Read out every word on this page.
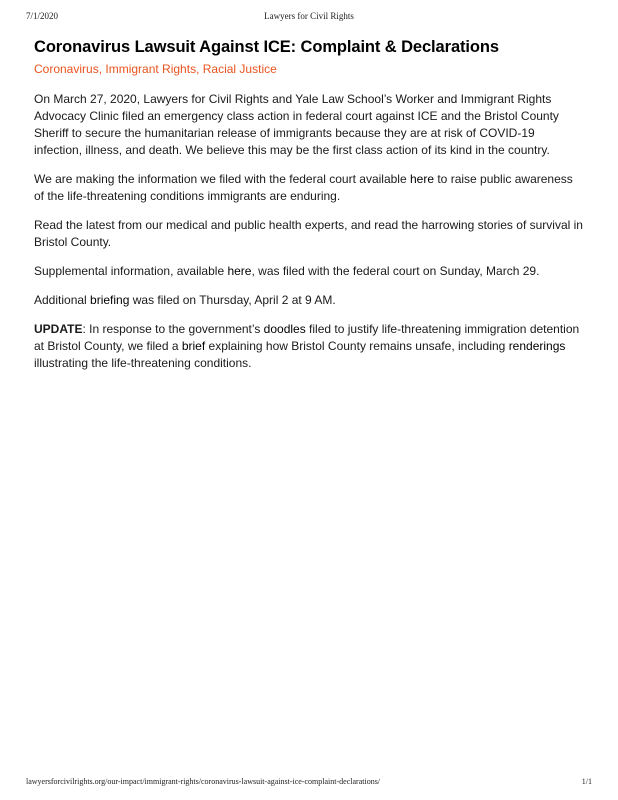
7/1/2020	Lawyers for Civil Rights
Coronavirus Lawsuit Against ICE: Complaint & Declarations
Coronavirus, Immigrant Rights, Racial Justice

On March 27, 2020, Lawyers for Civil Rights and Yale Law School’s Worker and Immigrant Rights Advocacy Clinic filed an emergency class action in federal court against ICE and the Bristol County Sheriff to secure the humanitarian release of immigrants because they are at risk of COVID-19 infection, illness, and death. We believe this may be the first class action of its kind in the country.

We are making the information we filed with the federal court available here to raise public awareness of the life-threatening conditions immigrants are enduring.

Read the latest from our medical and public health experts, and read the harrowing stories of survival in Bristol County.

Supplemental information, available here, was filed with the federal court on Sunday, March 29.

Additional briefing was filed on Thursday, April 2 at 9 AM.

UPDATE: In response to the government’s doodles filed to justify life-threatening immigration detention at Bristol County, we filed a brief explaining how Bristol County remains unsafe, including renderings illustrating the life-threatening conditions.

lawyersforcivilrights.org/our-impact/immigrant-rights/coronavirus-lawsuit-against-ice-complaint-declarations/	1/1
